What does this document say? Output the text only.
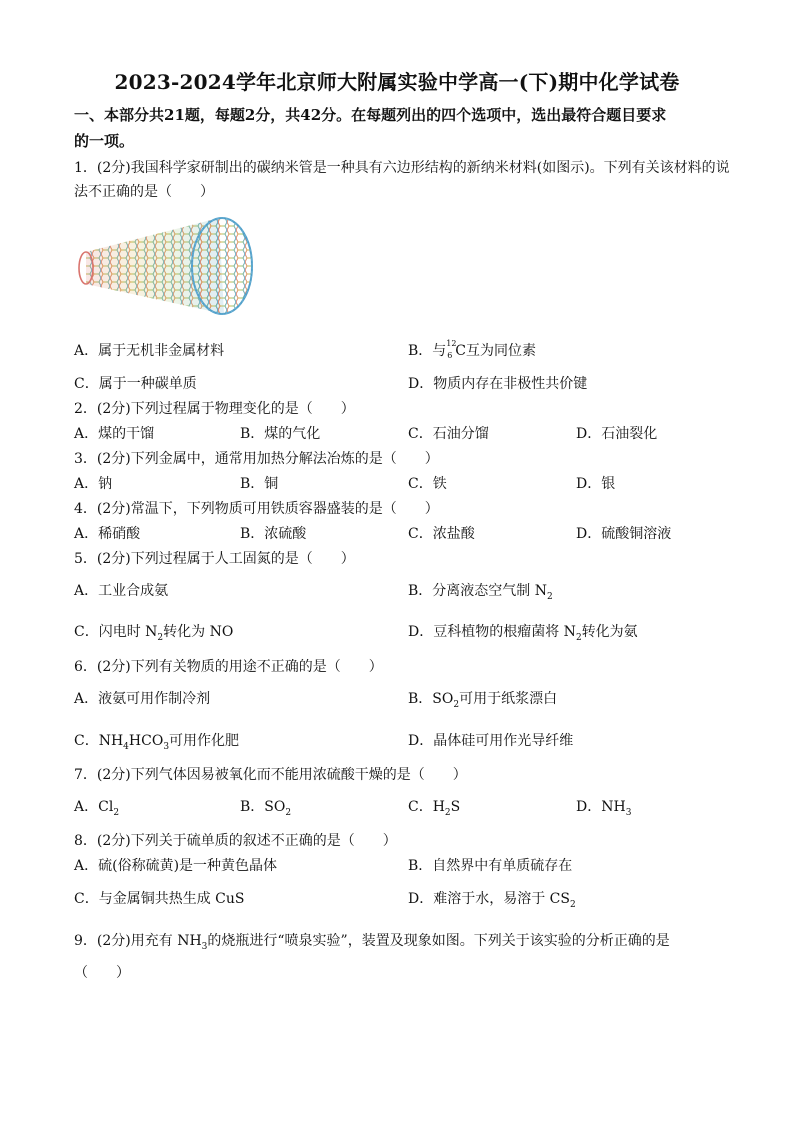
2023-2024学年北京师大附属实验中学高一(下)期中化学试卷
一、本部分共21题，每题2分，共42分。在每题列出的四个选项中，选出最符合题目要求
的一项。
1．(2分)我国科学家研制出的碳纳米管是一种具有六边形结构的新纳米材料(如图示)。下列有关该材料的说
法不正确的是（　　）
A．属于无机非金属材料	B．与 12
6 C互为同位素
C．属于一种碳单质	D．物质内存在非极性共价键
2．(2分)下列过程属于物理变化的是（　　）
A．煤的干馏	B．煤的气化	C．石油分馏	D．石油裂化
3．(2分)下列金属中，通常用加热分解法冶炼的是（　　）
A．钠	B．铜	C．铁	D．银
4．(2分)常温下，下列物质可用铁质容器盛装的是（　　）
A．稀硝酸	B．浓硫酸	C．浓盐酸	D．硫酸铜溶液
5．(2分)下列过程属于人工固氮的是（　　）
A．工业合成氨	B．分离液态空气制 $N_2$
C．闪电时 $N_2$转化为 NO	D．豆科植物的根瘤菌将 $N_2$转化为氨
6．(2分)下列有关物质的用途不正确的是（　　）
A．液氨可用作制冷剂	B．$SO_2$可用于纸浆漂白
C．$NH_4HCO_3$可用作化肥	D．晶体硅可用作光导纤维
7．(2分)下列气体因易被氧化而不能用浓硫酸干燥的是（　　）
A．$Cl_2$	B．$SO_2$	C．$H_2S$	D．$NH_3$
8．(2分)下列关于硫单质的叙述不正确的是（　　）
A．硫(俗称硫黄)是一种黄色晶体	B．自然界中有单质硫存在
C．与金属铜共热生成 CuS	D．难溶于水，易溶于 $CS_2$
9．(2分)用充有 $NH_3$的烧瓶进行“喷泉实验”，装置及现象如图。下列关于该实验的分析正确的是
（　　）
